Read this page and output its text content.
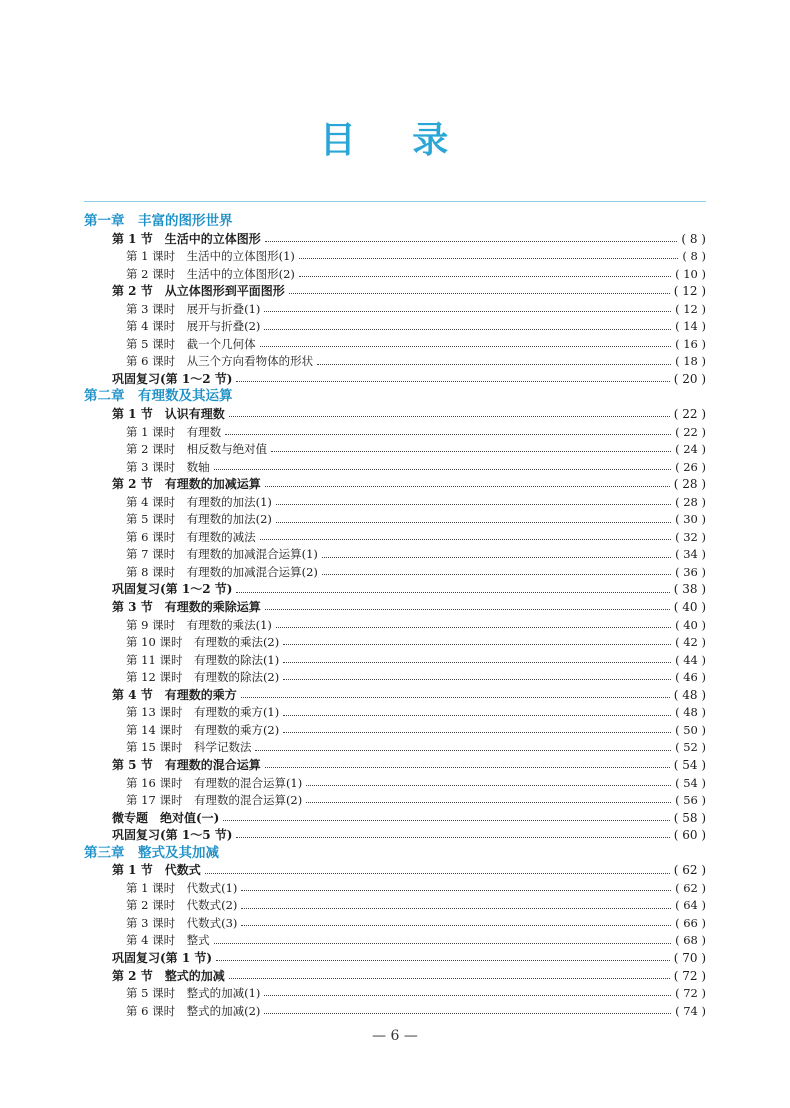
目 录
第一章　丰富的图形世界
第 1 节　生活中的立体图形	( 8 )
第 1 课时　生活中的立体图形(1)	( 8 )
第 2 课时　生活中的立体图形(2)	( 10 )
第 2 节　从立体图形到平面图形	( 12 )
第 3 课时　展开与折叠(1)	( 12 )
第 4 课时　展开与折叠(2)	( 14 )
第 5 课时　截一个几何体	( 16 )
第 6 课时　从三个方向看物体的形状	( 18 )
巩固复习(第 1～2 节)	( 20 )
第二章　有理数及其运算
第 1 节　认识有理数	( 22 )
第 1 课时　有理数	( 22 )
第 2 课时　相反数与绝对值	( 24 )
第 3 课时　数轴	( 26 )
第 2 节　有理数的加减运算	( 28 )
第 4 课时　有理数的加法(1)	( 28 )
第 5 课时　有理数的加法(2)	( 30 )
第 6 课时　有理数的减法	( 32 )
第 7 课时　有理数的加减混合运算(1)	( 34 )
第 8 课时　有理数的加减混合运算(2)	( 36 )
巩固复习(第 1～2 节)	( 38 )
第 3 节　有理数的乘除运算	( 40 )
第 9 课时　有理数的乘法(1)	( 40 )
第 10 课时　有理数的乘法(2)	( 42 )
第 11 课时　有理数的除法(1)	( 44 )
第 12 课时　有理数的除法(2)	( 46 )
第 4 节　有理数的乘方	( 48 )
第 13 课时　有理数的乘方(1)	( 48 )
第 14 课时　有理数的乘方(2)	( 50 )
第 15 课时　科学记数法	( 52 )
第 5 节　有理数的混合运算	( 54 )
第 16 课时　有理数的混合运算(1)	( 54 )
第 17 课时　有理数的混合运算(2)	( 56 )
微专题　绝对值(一)	( 58 )
巩固复习(第 1～5 节)	( 60 )
第三章　整式及其加减
第 1 节　代数式	( 62 )
第 1 课时　代数式(1)	( 62 )
第 2 课时　代数式(2)	( 64 )
第 3 课时　代数式(3)	( 66 )
第 4 课时　整式	( 68 )
巩固复习(第 1 节)	( 70 )
第 2 节　整式的加减	( 72 )
第 5 课时　整式的加减(1)	( 72 )
第 6 课时　整式的加减(2)	( 74 )
— 6 —
